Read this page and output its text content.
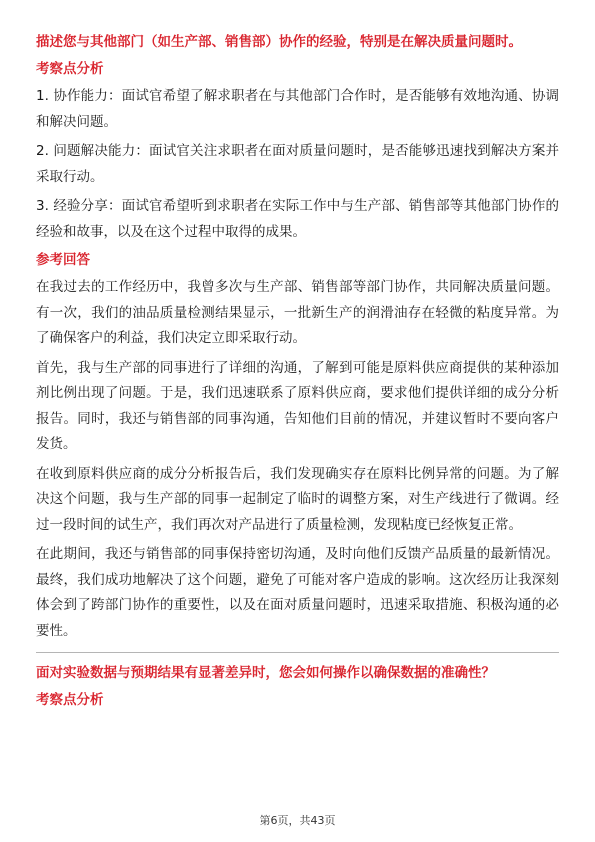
描述您与其他部门（如生产部、销售部）协作的经验，特别是在解决质量问题时。

考察点分析

1. 协作能力：面试官希望了解求职者在与其他部门合作时，是否能够有效地沟通、协调和解决问题。

2. 问题解决能力：面试官关注求职者在面对质量问题时，是否能够迅速找到解决方案并采取行动。

3. 经验分享：面试官希望听到求职者在实际工作中与生产部、销售部等其他部门协作的经验和故事，以及在这个过程中取得的成果。

参考回答

在我过去的工作经历中，我曾多次与生产部、销售部等部门协作，共同解决质量问题。有一次，我们的油品质量检测结果显示，一批新生产的润滑油存在轻微的粘度异常。为了确保客户的利益，我们决定立即采取行动。

首先，我与生产部的同事进行了详细的沟通，了解到可能是原料供应商提供的某种添加剂比例出现了问题。于是，我们迅速联系了原料供应商，要求他们提供详细的成分分析报告。同时，我还与销售部的同事沟通，告知他们目前的情况，并建议暂时不要向客户发货。

在收到原料供应商的成分分析报告后，我们发现确实存在原料比例异常的问题。为了解决这个问题，我与生产部的同事一起制定了临时的调整方案，对生产线进行了微调。经过一段时间的试生产，我们再次对产品进行了质量检测，发现粘度已经恢复正常。

在此期间，我还与销售部的同事保持密切沟通，及时向他们反馈产品质量的最新情况。最终，我们成功地解决了这个问题，避免了可能对客户造成的影响。这次经历让我深刻体会到了跨部门协作的重要性，以及在面对质量问题时，迅速采取措施、积极沟通的必要性。

面对实验数据与预期结果有显著差异时，您会如何操作以确保数据的准确性？

考察点分析

第6页，共43页
